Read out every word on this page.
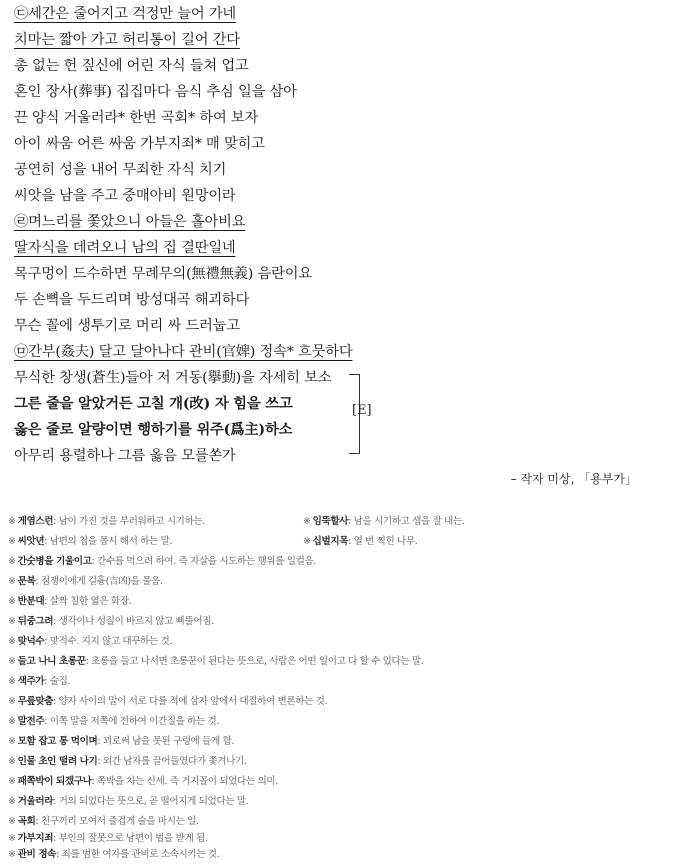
㉢세간은 줄어지고 걱정만 늘어 가네
치마는 짧아 가고 허리통이 길어 간다
총 없는 헌 짚신에 어린 자식 들쳐 업고
혼인 장사(葬事) 집집마다 음식 추심 일을 삼아
끈 양식 거울러라* 한번 곡회* 하여 보자
아이 싸움 어른 싸움 가부지죄* 매 맞히고
공연히 성을 내어 무죄한 자식 치기
씨앗을 남을 주고 중매아비 원망이라
㉣며느리를 쫓았으니 아들은 홀아비요
딸자식을 데려오니 남의 집 결딴일네
목구멍이 드수하면 무례무의(無禮無義) 음란이요
두 손뼉을 두드리며 방성대곡 해괴하다
무슨 꼴에 생투기로 머리 싸 드러눕고
㉤간부(姦夫) 달고 달아나다 관비(官婢) 정속* 흐뭇하다
무식한 창생(蒼生)들아 저 거동(擧動)을 자세히 보소
그른 줄을 알았거든 고칠 개(改) 자 힘을 쓰고
옳은 줄로 알량이면 행하기를 위주(爲主)하소
아무리 용렬하나 그름 옳음 모를쏜가
[E]
– 작자 미상, 「용부가」
※ 게염스런: 남이 가진 것을 부러워하고 시기하는.	※ 임뚝할사: 남을 시기하고 샘을 잘 내는.
※ 씨앗년: 남편의 첩을 몹시 해서 하는 말.	※ 십벌지목: 열 번 찍힌 나무.
※ 간숫병을 기울이고: 간수를 먹으려 하여. 즉 자살을 시도하는 행위를 일컬음.
※ 문복: 점쟁이에게 길흉(吉凶)을 물음.
※ 반분대: 살짝 칠한 엷은 화장.
※ 뒤중그려: 생각이나 성질이 바르지 않고 삐뚤어짐.
※ 맞넉수: 맞적수. 지지 않고 대꾸하는 것.
※ 들고 나니 초롱꾼: 초롱을 들고 나서면 초롱꾼이 된다는 뜻으로, 사람은 어떤 일이고 다 할 수 있다는 말.
※ 색주가: 술집.
※ 무릎맞춤: 양자 사이의 말이 서로 다를 적에 삼자 앞에서 대질하여 변론하는 것.
※ 말전주: 이쪽 말을 저쪽에 전하여 이간질을 하는 것.
※ 모함 잡고 통 먹이며: 꾀로써 남을 못된 구렁에 들게 함.
※ 인물 초인 떨려 나기: 외간 남자를 끌어들였다가 쫓겨나기.
※ 패쪽박이 되겠구나: 쪽박을 차는 신세. 즉 거지꼴이 되었다는 의미.
※ 거울러라: 거의 되었다는 뜻으로, 곧 떨어지게 되었다는 말.
※ 곡회: 친구끼리 모여서 즐겁게 술을 마시는 일.
※ 가부지죄: 부인의 잘못으로 남편이 벌을 받게 됨.
※ 관비 정속: 죄를 범한 여자를 관비로 소속시키는 것.
